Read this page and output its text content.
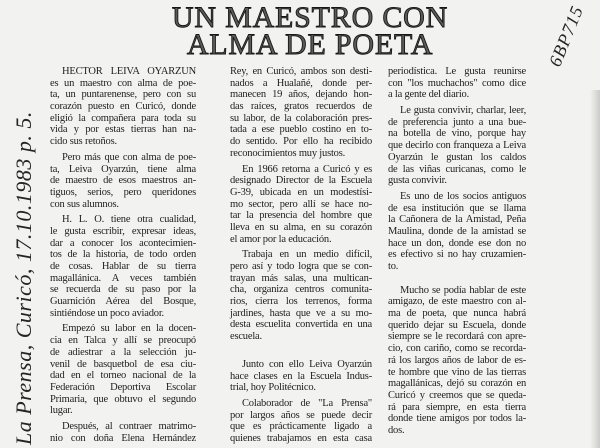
UN MAESTRO CON
ALMA DE POETA	6BP715
La Prensa, Curicó, 17.10.1983 p. 5.
HECTOR LEIVA OYARZUN
es un maestro con alma de poe-
ta, un puntarenense, pero con su
corazón puesto en Curicó, donde
eligió la compañera para toda su
vida y por estas tierras han na-
cido sus retoños.
Pero más que con alma de poe-
ta, Leiva Oyarzún, tiene alma
de maestro de esos maestros an-
tiguos, serios, pero queridones
con sus alumnos.
H. L. O. tiene otra cualidad,
le gusta escribir, expresar ideas,
dar a conocer los acontecimien-
tos de la historia, de todo orden
de cosas. Hablar de su tierra
magallánica. A veces también
se recuerda de su paso por la
Guarnición Aérea del Bosque,
sintiéndose un poco aviador.
Empezó su labor en la docen-
cia en Talca y allí se preocupó
de adiestrar a la selección ju-
venil de basquetbol de esa ciu-
dad en el torneo nacional de la
Federación Deportiva Escolar
Primaria, que obtuvo el segundo
lugar.
Después, al contraer matrimo-
nio con doña Elena Hernández
Rey, en Curicó, ambos son desti-
nados a Hualañé, donde per-
manecen 19 años, dejando hon-
das raíces, gratos recuerdos de
su labor, de la colaboración pres-
tada a ese pueblo costino en to-
do sentido. Por ello ha recibido
reconocimientos muy justos.
En 1966 retorna a Curicó y es
designado Director de la Escuela
G-39, ubicada en un modestísi-
mo sector, pero allí se hace no-
tar la presencia del hombre que
lleva en su alma, en su corazón
el amor por la educación.
Trabaja en un medio difícil,
pero así y todo logra que se con-
trayan más salas, una multican-
cha, organiza centros comunita-
rios, cierra los terrenos, forma
jardines, hasta que ve a su mo-
desta escuelita convertida en una
escuela.
Junto con ello Leiva Oyarzún
hace clases en la Escuela Indus-
trial, hoy Politécnico.
Colaborador de "La Prensa"
por largos años se puede decir
que es prácticamente ligado a
quienes trabajamos en esta casa
periodística. Le gusta reunirse
con "los muchachos" como dice
a la gente del diario.
Le gusta convivir, charlar, leer,
de preferencia junto a una bue-
na botella de vino, porque hay
que decirlo con franqueza a Leiva
Oyarzún le gustan los caldos
de las viñas curicanas, como le
gusta convivir.
Es uno de los socios antiguos
de esa institución que se llama
la Cañonera de la Amistad, Peña
Maulina, donde de la amistad se
hace un don, donde ese don no
es efectivo si no hay cruzamien-
to.
Mucho se podía hablar de este
amigazo, de este maestro con al-
ma de poeta, que nunca habrá
querido dejar su Escuela, donde
siempre se le recordará con apre-
cio, con cariño, como se recorda-
rá los largos años de labor de es-
te hombre que vino de las tierras
magallánicas, dejó su corazón en
Curicó y creemos que se queda-
rá para siempre, en esta tierra
donde tiene amigos por todos la-
dos.
